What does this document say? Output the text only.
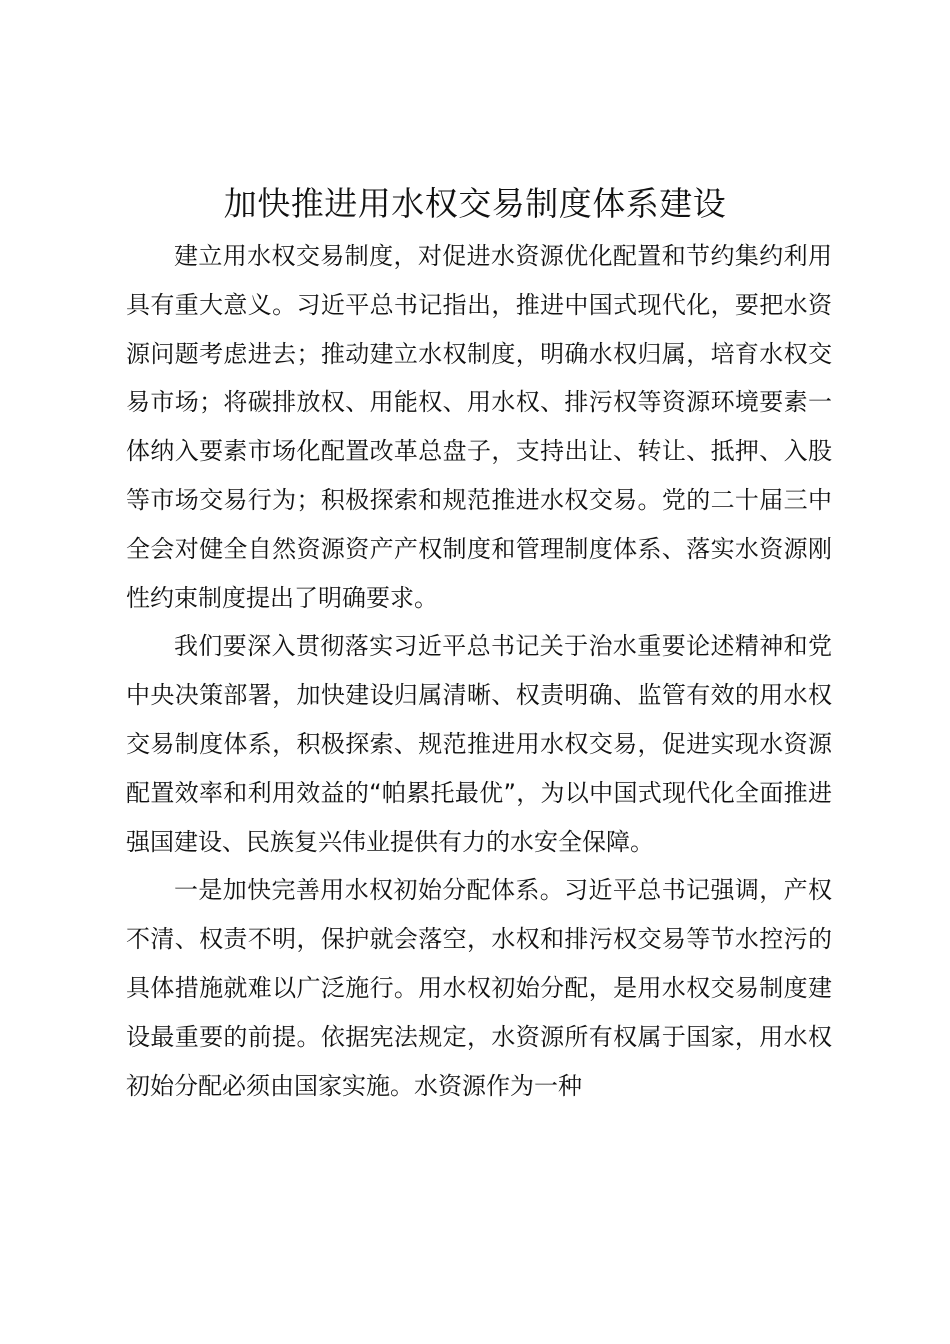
加快推进用水权交易制度体系建设

建立用水权交易制度，对促进水资源优化配置和节约集约利用具有重大意义。习近平总书记指出，推进中国式现代化，要把水资源问题考虑进去；推动建立水权制度，明确水权归属，培育水权交易市场；将碳排放权、用能权、用水权、排污权等资源环境要素一体纳入要素市场化配置改革总盘子，支持出让、转让、抵押、入股等市场交易行为；积极探索和规范推进水权交易。党的二十届三中全会对健全自然资源资产产权制度和管理制度体系、落实水资源刚性约束制度提出了明确要求。

我们要深入贯彻落实习近平总书记关于治水重要论述精神和党中央决策部署，加快建设归属清晰、权责明确、监管有效的用水权交易制度体系，积极探索、规范推进用水权交易，促进实现水资源配置效率和利用效益的“帕累托最优”，为以中国式现代化全面推进强国建设、民族复兴伟业提供有力的水安全保障。

一是加快完善用水权初始分配体系。习近平总书记强调，产权不清、权责不明，保护就会落空，水权和排污权交易等节水控污的具体措施就难以广泛施行。用水权初始分配，是用水权交易制度建设最重要的前提。依据宪法规定，水资源所有权属于国家，用水权初始分配必须由国家实施。水资源作为一种
